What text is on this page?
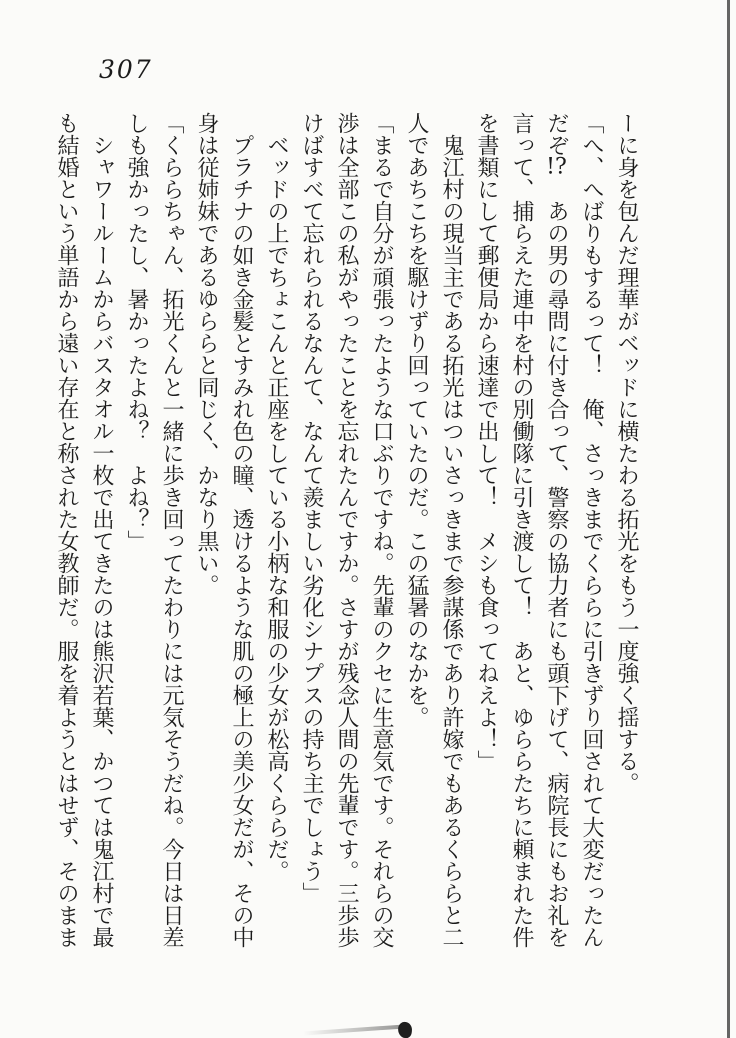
307

ーに身を包んだ理華がベッドに横たわる拓光をもう一度強く揺する。

「へ、へばりもするって！　俺、さっきまでくららに引きずり回されて大変だったんだぞ!?　あの男の尋問に付き合って、警察の協力者にも頭下げて、病院長にもお礼を言って、捕らえた連中を村の別働隊に引き渡して！　あと、ゆららたちに頼まれた件を書類にして郵便局から速達で出して！　メシも食ってねえよ！」

鬼江村の現当主である拓光はついさっきまで参謀係であり許嫁でもあるくららと二人であちこちを駆けずり回っていたのだ。この猛暑のなかを。

「まるで自分が頑張ったような口ぶりですね。先輩のクセに生意気です。それらの交渉は全部この私がやったことを忘れたんですか。さすが残念人間の先輩です。三歩歩けばすべて忘れられるなんて、なんて羨ましい劣化シナプスの持ち主でしょう」

ベッドの上でちょこんと正座をしている小柄な和服の少女が松高くららだ。

プラチナの如き金髪とすみれ色の瞳、透けるような肌の極上の美少女だが、その中身は従姉妹であるゆららと同じく、かなり黒い。

「くららちゃん、拓光くんと一緒に歩き回ってたわりには元気そうだね。今日は日差しも強かったし、暑かったよね？　よね？」

シャワールームからバスタオル一枚で出てきたのは熊沢若葉、かつては鬼江村で最も結婚という単語から遠い存在と称された女教師だ。服を着ようとはせず、そのまま
